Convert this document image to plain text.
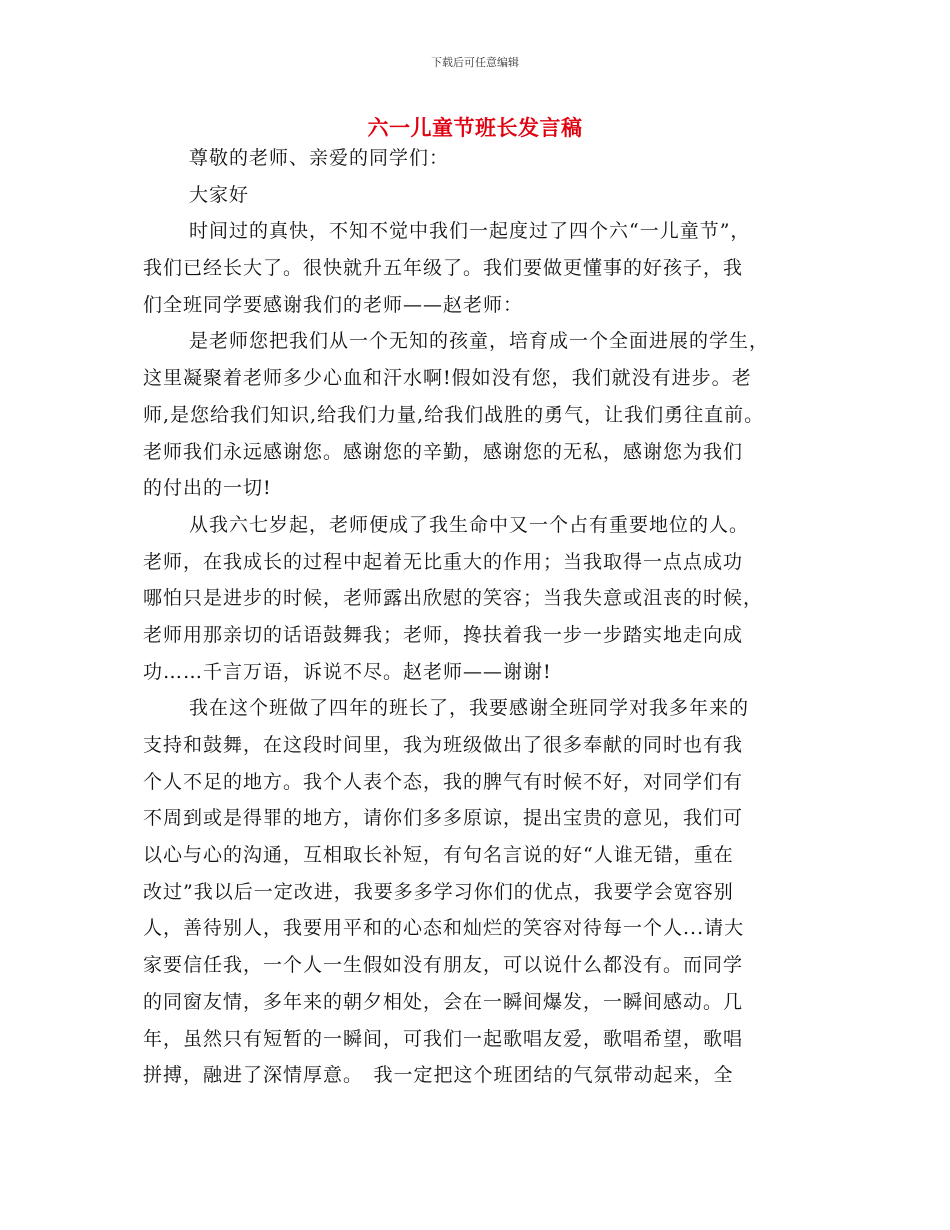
下载后可任意编辑
六一儿童节班长发言稿
尊敬的老师、亲爱的同学们：
大家好
时间过的真快，不知不觉中我们一起度过了四个六“一儿童节”，
我们已经长大了。很快就升五年级了。我们要做更懂事的好孩子，我
们全班同学要感谢我们的老师——赵老师：
是老师您把我们从一个无知的孩童，培育成一个全面进展的学生，
这里凝聚着老师多少心血和汗水啊!假如没有您，我们就没有进步。老
师,是您给我们知识,给我们力量,给我们战胜的勇气，让我们勇往直前。
老师我们永远感谢您。感谢您的辛勤，感谢您的无私，感谢您为我们
的付出的一切!
从我六七岁起，老师便成了我生命中又一个占有重要地位的人。
老师，在我成长的过程中起着无比重大的作用；当我取得一点点成功
哪怕只是进步的时候，老师露出欣慰的笑容；当我失意或沮丧的时候，
老师用那亲切的话语鼓舞我；老师，搀扶着我一步一步踏实地走向成
功……千言万语，诉说不尽。赵老师——谢谢!
我在这个班做了四年的班长了，我要感谢全班同学对我多年来的
支持和鼓舞，在这段时间里，我为班级做出了很多奉献的同时也有我
个人不足的地方。我个人表个态，我的脾气有时候不好，对同学们有
不周到或是得罪的地方，请你们多多原谅，提出宝贵的意见，我们可
以心与心的沟通，互相取长补短，有句名言说的好“人谁无错，重在
改过”我以后一定改进，我要多多学习你们的优点，我要学会宽容别
人，善待别人，我要用平和的心态和灿烂的笑容对待每一个人...请大
家要信任我，一个人一生假如没有朋友，可以说什么都没有。而同学
的同窗友情，多年来的朝夕相处，会在一瞬间爆发，一瞬间感动。几
年，虽然只有短暂的一瞬间，可我们一起歌唱友爱，歌唱希望，歌唱
拼搏，融进了深情厚意。　我一定把这个班团结的气氛带动起来，全
